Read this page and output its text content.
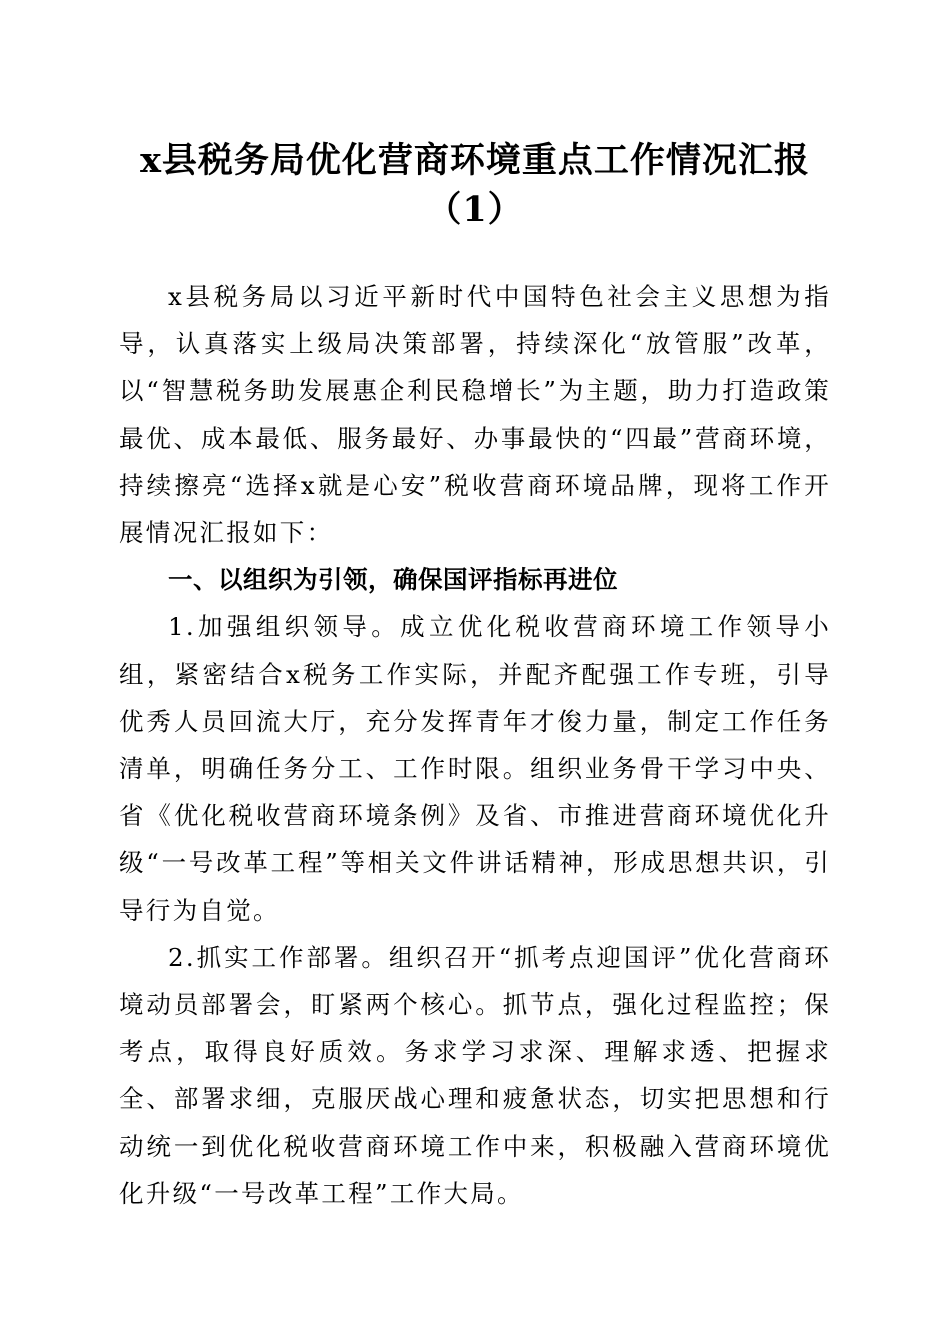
x县税务局优化营商环境重点工作情况汇报
（1）

x县税务局以习近平新时代中国特色社会主义思想为指导，认真落实上级局决策部署，持续深化“放管服”改革，以“智慧税务助发展惠企利民稳增长”为主题，助力打造政策最优、成本最低、服务最好、办事最快的“四最”营商环境，持续擦亮“选择x就是心安”税收营商环境品牌，现将工作开展情况汇报如下：

一、以组织为引领，确保国评指标再进位

1.加强组织领导。成立优化税收营商环境工作领导小组，紧密结合x税务工作实际，并配齐配强工作专班，引导优秀人员回流大厅，充分发挥青年才俊力量，制定工作任务清单，明确任务分工、工作时限。组织业务骨干学习中央、省《优化税收营商环境条例》及省、市推进营商环境优化升级“一号改革工程”等相关文件讲话精神，形成思想共识，引导行为自觉。

2.抓实工作部署。组织召开“抓考点迎国评”优化营商环境动员部署会，盯紧两个核心。抓节点，强化过程监控；保考点，取得良好质效。务求学习求深、理解求透、把握求全、部署求细，克服厌战心理和疲惫状态，切实把思想和行动统一到优化税收营商环境工作中来，积极融入营商环境优化升级“一号改革工程”工作大局。
